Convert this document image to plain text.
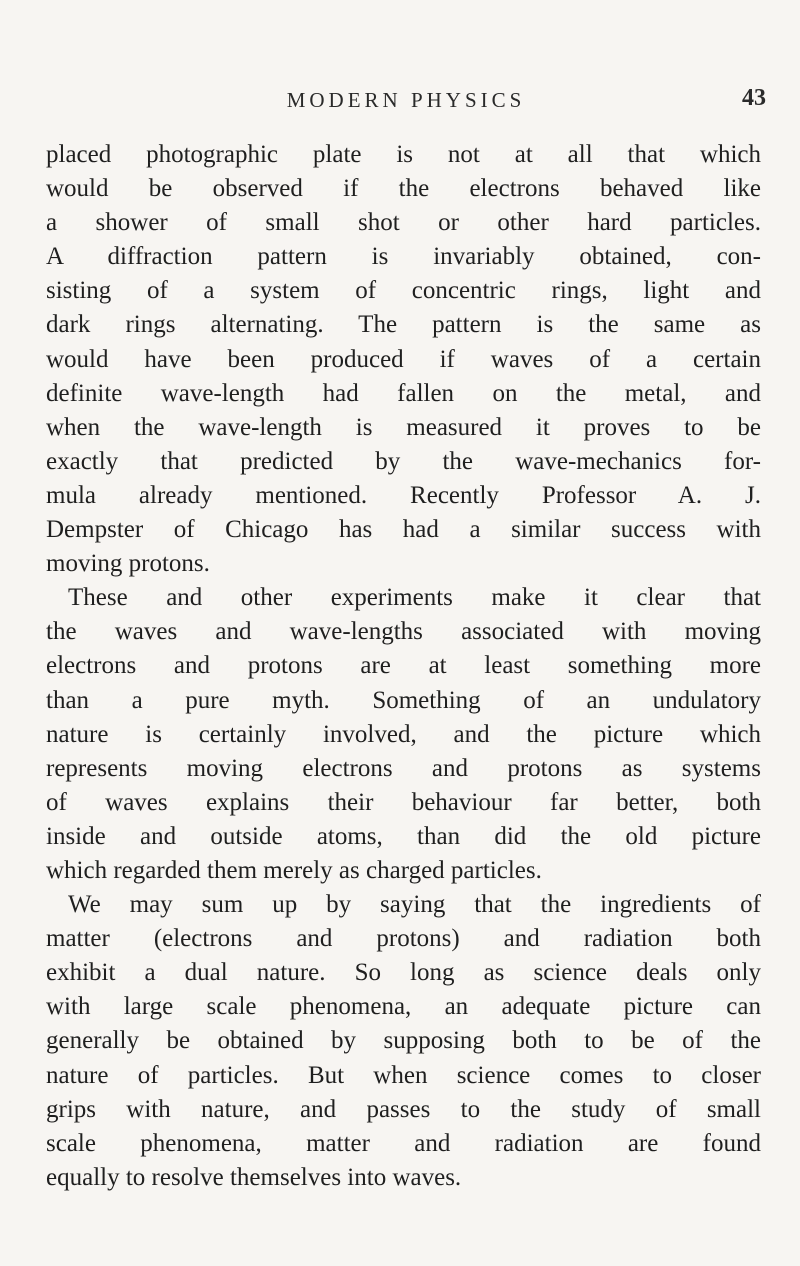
MODERN PHYSICS	43
placed photographic plate is not at all that which
would be observed if the electrons behaved like
a shower of small shot or other hard particles.
A diffraction pattern is invariably obtained, con-
sisting of a system of concentric rings, light and
dark rings alternating. The pattern is the same as
would have been produced if waves of a certain
definite wave-length had fallen on the metal, and
when the wave-length is measured it proves to be
exactly that predicted by the wave-mechanics for-
mula already mentioned. Recently Professor A. J.
Dempster of Chicago has had a similar success with
moving protons.
These and other experiments make it clear that
the waves and wave-lengths associated with moving
electrons and protons are at least something more
than a pure myth. Something of an undulatory
nature is certainly involved, and the picture which
represents moving electrons and protons as systems
of waves explains their behaviour far better, both
inside and outside atoms, than did the old picture
which regarded them merely as charged particles.
We may sum up by saying that the ingredients of
matter (electrons and protons) and radiation both
exhibit a dual nature. So long as science deals only
with large scale phenomena, an adequate picture can
generally be obtained by supposing both to be of the
nature of particles. But when science comes to closer
grips with nature, and passes to the study of small
scale phenomena, matter and radiation are found
equally to resolve themselves into waves.
